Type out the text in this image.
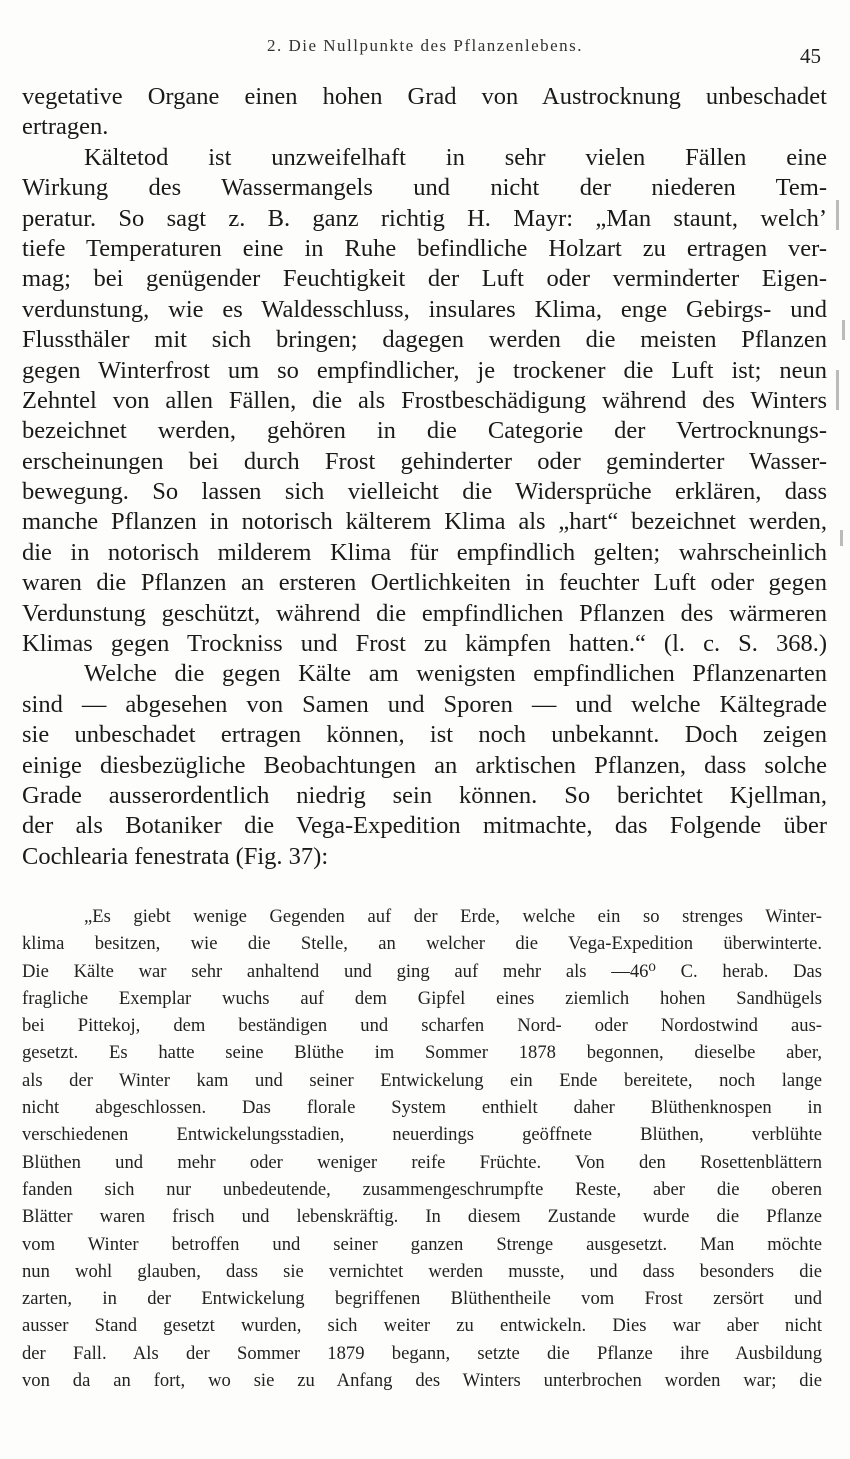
2. Die Nullpunkte des Pflanzenlebens.	45
vegetative Organe einen hohen Grad von Austrocknung unbeschadet
ertragen.
Kältetod ist unzweifelhaft in sehr vielen Fällen eine
Wirkung des Wassermangels und nicht der niederen Tem-
peratur. So sagt z. B. ganz richtig H. Mayr: „Man staunt, welch’
tiefe Temperaturen eine in Ruhe befindliche Holzart zu ertragen ver-
mag; bei genügender Feuchtigkeit der Luft oder verminderter Eigen-
verdunstung, wie es Waldesschluss, insulares Klima, enge Gebirgs- und
Flussthäler mit sich bringen; dagegen werden die meisten Pflanzen
gegen Winterfrost um so empfindlicher, je trockener die Luft ist; neun
Zehntel von allen Fällen, die als Frostbeschädigung während des Winters
bezeichnet werden, gehören in die Categorie der Vertrocknungs-
erscheinungen bei durch Frost gehinderter oder geminderter Wasser-
bewegung. So lassen sich vielleicht die Widersprüche erklären, dass
manche Pflanzen in notorisch kälterem Klima als „hart“ bezeichnet werden,
die in notorisch milderem Klima für empfindlich gelten; wahrscheinlich
waren die Pflanzen an ersteren Oertlichkeiten in feuchter Luft oder gegen
Verdunstung geschützt, während die empfindlichen Pflanzen des wärmeren
Klimas gegen Trockniss und Frost zu kämpfen hatten.“ (l. c. S. 368.)
Welche die gegen Kälte am wenigsten empfindlichen Pflanzenarten
sind — abgesehen von Samen und Sporen — und welche Kältegrade
sie unbeschadet ertragen können, ist noch unbekannt. Doch zeigen
einige diesbezügliche Beobachtungen an arktischen Pflanzen, dass solche
Grade ausserordentlich niedrig sein können. So berichtet Kjellman,
der als Botaniker die Vega-Expedition mitmachte, das Folgende über
Cochlearia fenestrata (Fig. 37):
„Es giebt wenige Gegenden auf der Erde, welche ein so strenges Winter-
klima besitzen, wie die Stelle, an welcher die Vega-Expedition überwinterte.
Die Kälte war sehr anhaltend und ging auf mehr als —46⁰ C. herab. Das
fragliche Exemplar wuchs auf dem Gipfel eines ziemlich hohen Sandhügels
bei Pittekoj, dem beständigen und scharfen Nord- oder Nordostwind aus-
gesetzt. Es hatte seine Blüthe im Sommer 1878 begonnen, dieselbe aber,
als der Winter kam und seiner Entwickelung ein Ende bereitete, noch lange
nicht abgeschlossen. Das florale System enthielt daher Blüthenknospen in
verschiedenen Entwickelungsstadien, neuerdings geöffnete Blüthen, verblühte
Blüthen und mehr oder weniger reife Früchte. Von den Rosettenblättern
fanden sich nur unbedeutende, zusammengeschrumpfte Reste, aber die oberen
Blätter waren frisch und lebenskräftig. In diesem Zustande wurde die Pflanze
vom Winter betroffen und seiner ganzen Strenge ausgesetzt. Man möchte
nun wohl glauben, dass sie vernichtet werden musste, und dass besonders die
zarten, in der Entwickelung begriffenen Blüthentheile vom Frost zersört und
ausser Stand gesetzt wurden, sich weiter zu entwickeln. Dies war aber nicht
der Fall. Als der Sommer 1879 begann, setzte die Pflanze ihre Ausbildung
von da an fort, wo sie zu Anfang des Winters unterbrochen worden war; die
